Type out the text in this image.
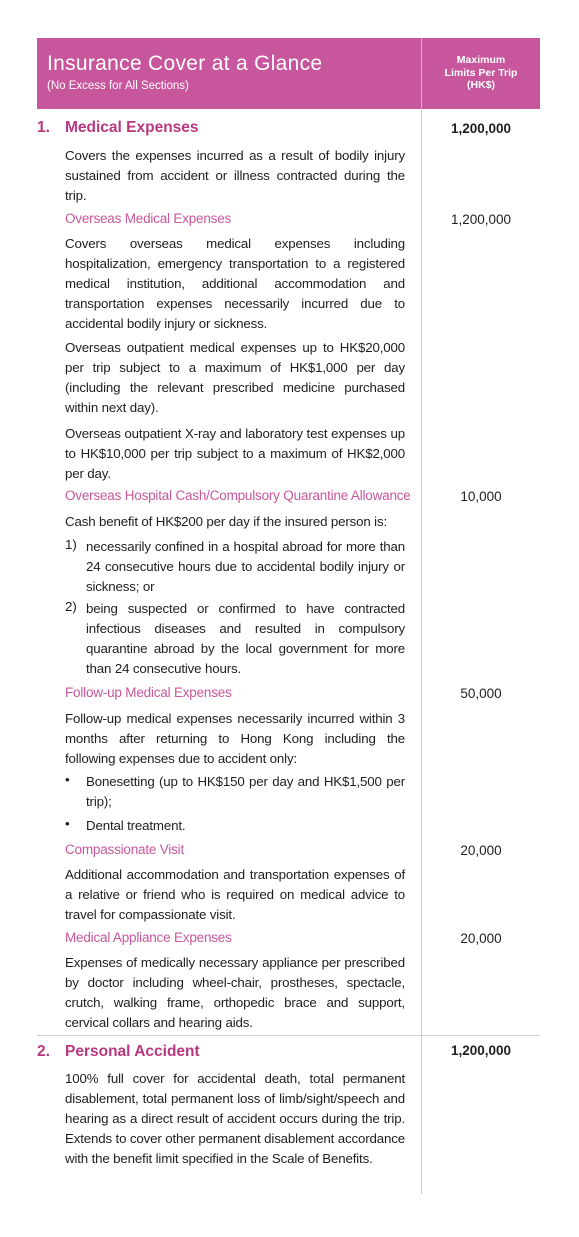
Insurance Cover at a Glance
(No Excess for All Sections)
Maximum
Limits Per Trip
(HK$)
1. Medical Expenses	1,200,000
Covers the expenses incurred as a result of bodily injury sustained from accident or illness contracted during the trip.
Overseas Medical Expenses	1,200,000
Covers overseas medical expenses including hospitalization, emergency transportation to a registered medical institution, additional accommodation and transportation expenses necessarily incurred due to accidental bodily injury or sickness.
Overseas outpatient medical expenses up to HK$20,000 per trip subject to a maximum of HK$1,000 per day (including the relevant prescribed medicine purchased within next day).
Overseas outpatient X-ray and laboratory test expenses up to HK$10,000 per trip subject to a maximum of HK$2,000 per day.
Overseas Hospital Cash/Compulsory Quarantine Allowance	10,000
Cash benefit of HK$200 per day if the insured person is:
1) necessarily confined in a hospital abroad for more than 24 consecutive hours due to accidental bodily injury or sickness; or
2) being suspected or confirmed to have contracted infectious diseases and resulted in compulsory quarantine abroad by the local government for more than 24 consecutive hours.
Follow-up Medical Expenses	50,000
Follow-up medical expenses necessarily incurred within 3 months after returning to Hong Kong including the following expenses due to accident only:
• Bonesetting (up to HK$150 per day and HK$1,500 per trip);
• Dental treatment.
Compassionate Visit	20,000
Additional accommodation and transportation expenses of a relative or friend who is required on medical advice to travel for compassionate visit.
Medical Appliance Expenses	20,000
Expenses of medically necessary appliance per prescribed by doctor including wheel-chair, prostheses, spectacle, crutch, walking frame, orthopedic brace and support, cervical collars and hearing aids.
2. Personal Accident	1,200,000
100% full cover for accidental death, total permanent disablement, total permanent loss of limb/sight/speech and hearing as a direct result of accident occurs during the trip. Extends to cover other permanent disablement accordance with the benefit limit specified in the Scale of Benefits.
